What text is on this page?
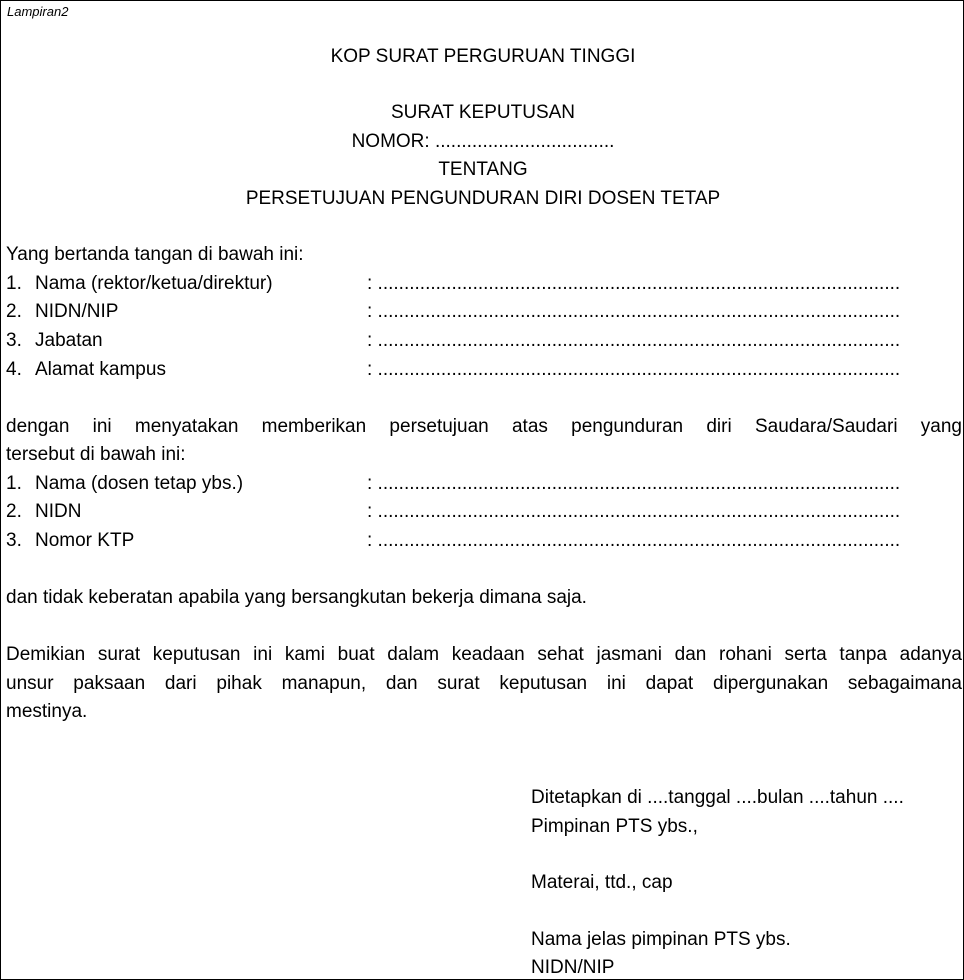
Lampiran2
KOP SURAT PERGURUAN TINGGI
SURAT KEPUTUSAN
NOMOR: ..................................
TENTANG
PERSETUJUAN PENGUNDURAN DIRI DOSEN TETAP
Yang bertanda tangan di bawah ini:
1. Nama (rektor/ketua/direktur)	: ...................................................................................................
2. NIDN/NIP	: ...................................................................................................
3. Jabatan	: ...................................................................................................
4. Alamat kampus	: ...................................................................................................
dengan ini menyatakan memberikan persetujuan atas pengunduran diri Saudara/Saudari yang
tersebut di bawah ini:
1. Nama (dosen tetap ybs.)	: ...................................................................................................
2. NIDN	: ...................................................................................................
3. Nomor KTP	: ...................................................................................................
dan tidak keberatan apabila yang bersangkutan bekerja dimana saja.
Demikian surat keputusan ini kami buat dalam keadaan sehat jasmani dan rohani serta tanpa adanya
unsur paksaan dari pihak manapun, dan surat keputusan ini dapat dipergunakan sebagaimana
mestinya.
Ditetapkan di ....tanggal ....bulan ....tahun ....
Pimpinan PTS ybs.,
Materai, ttd., cap
Nama jelas pimpinan PTS ybs.
NIDN/NIP
